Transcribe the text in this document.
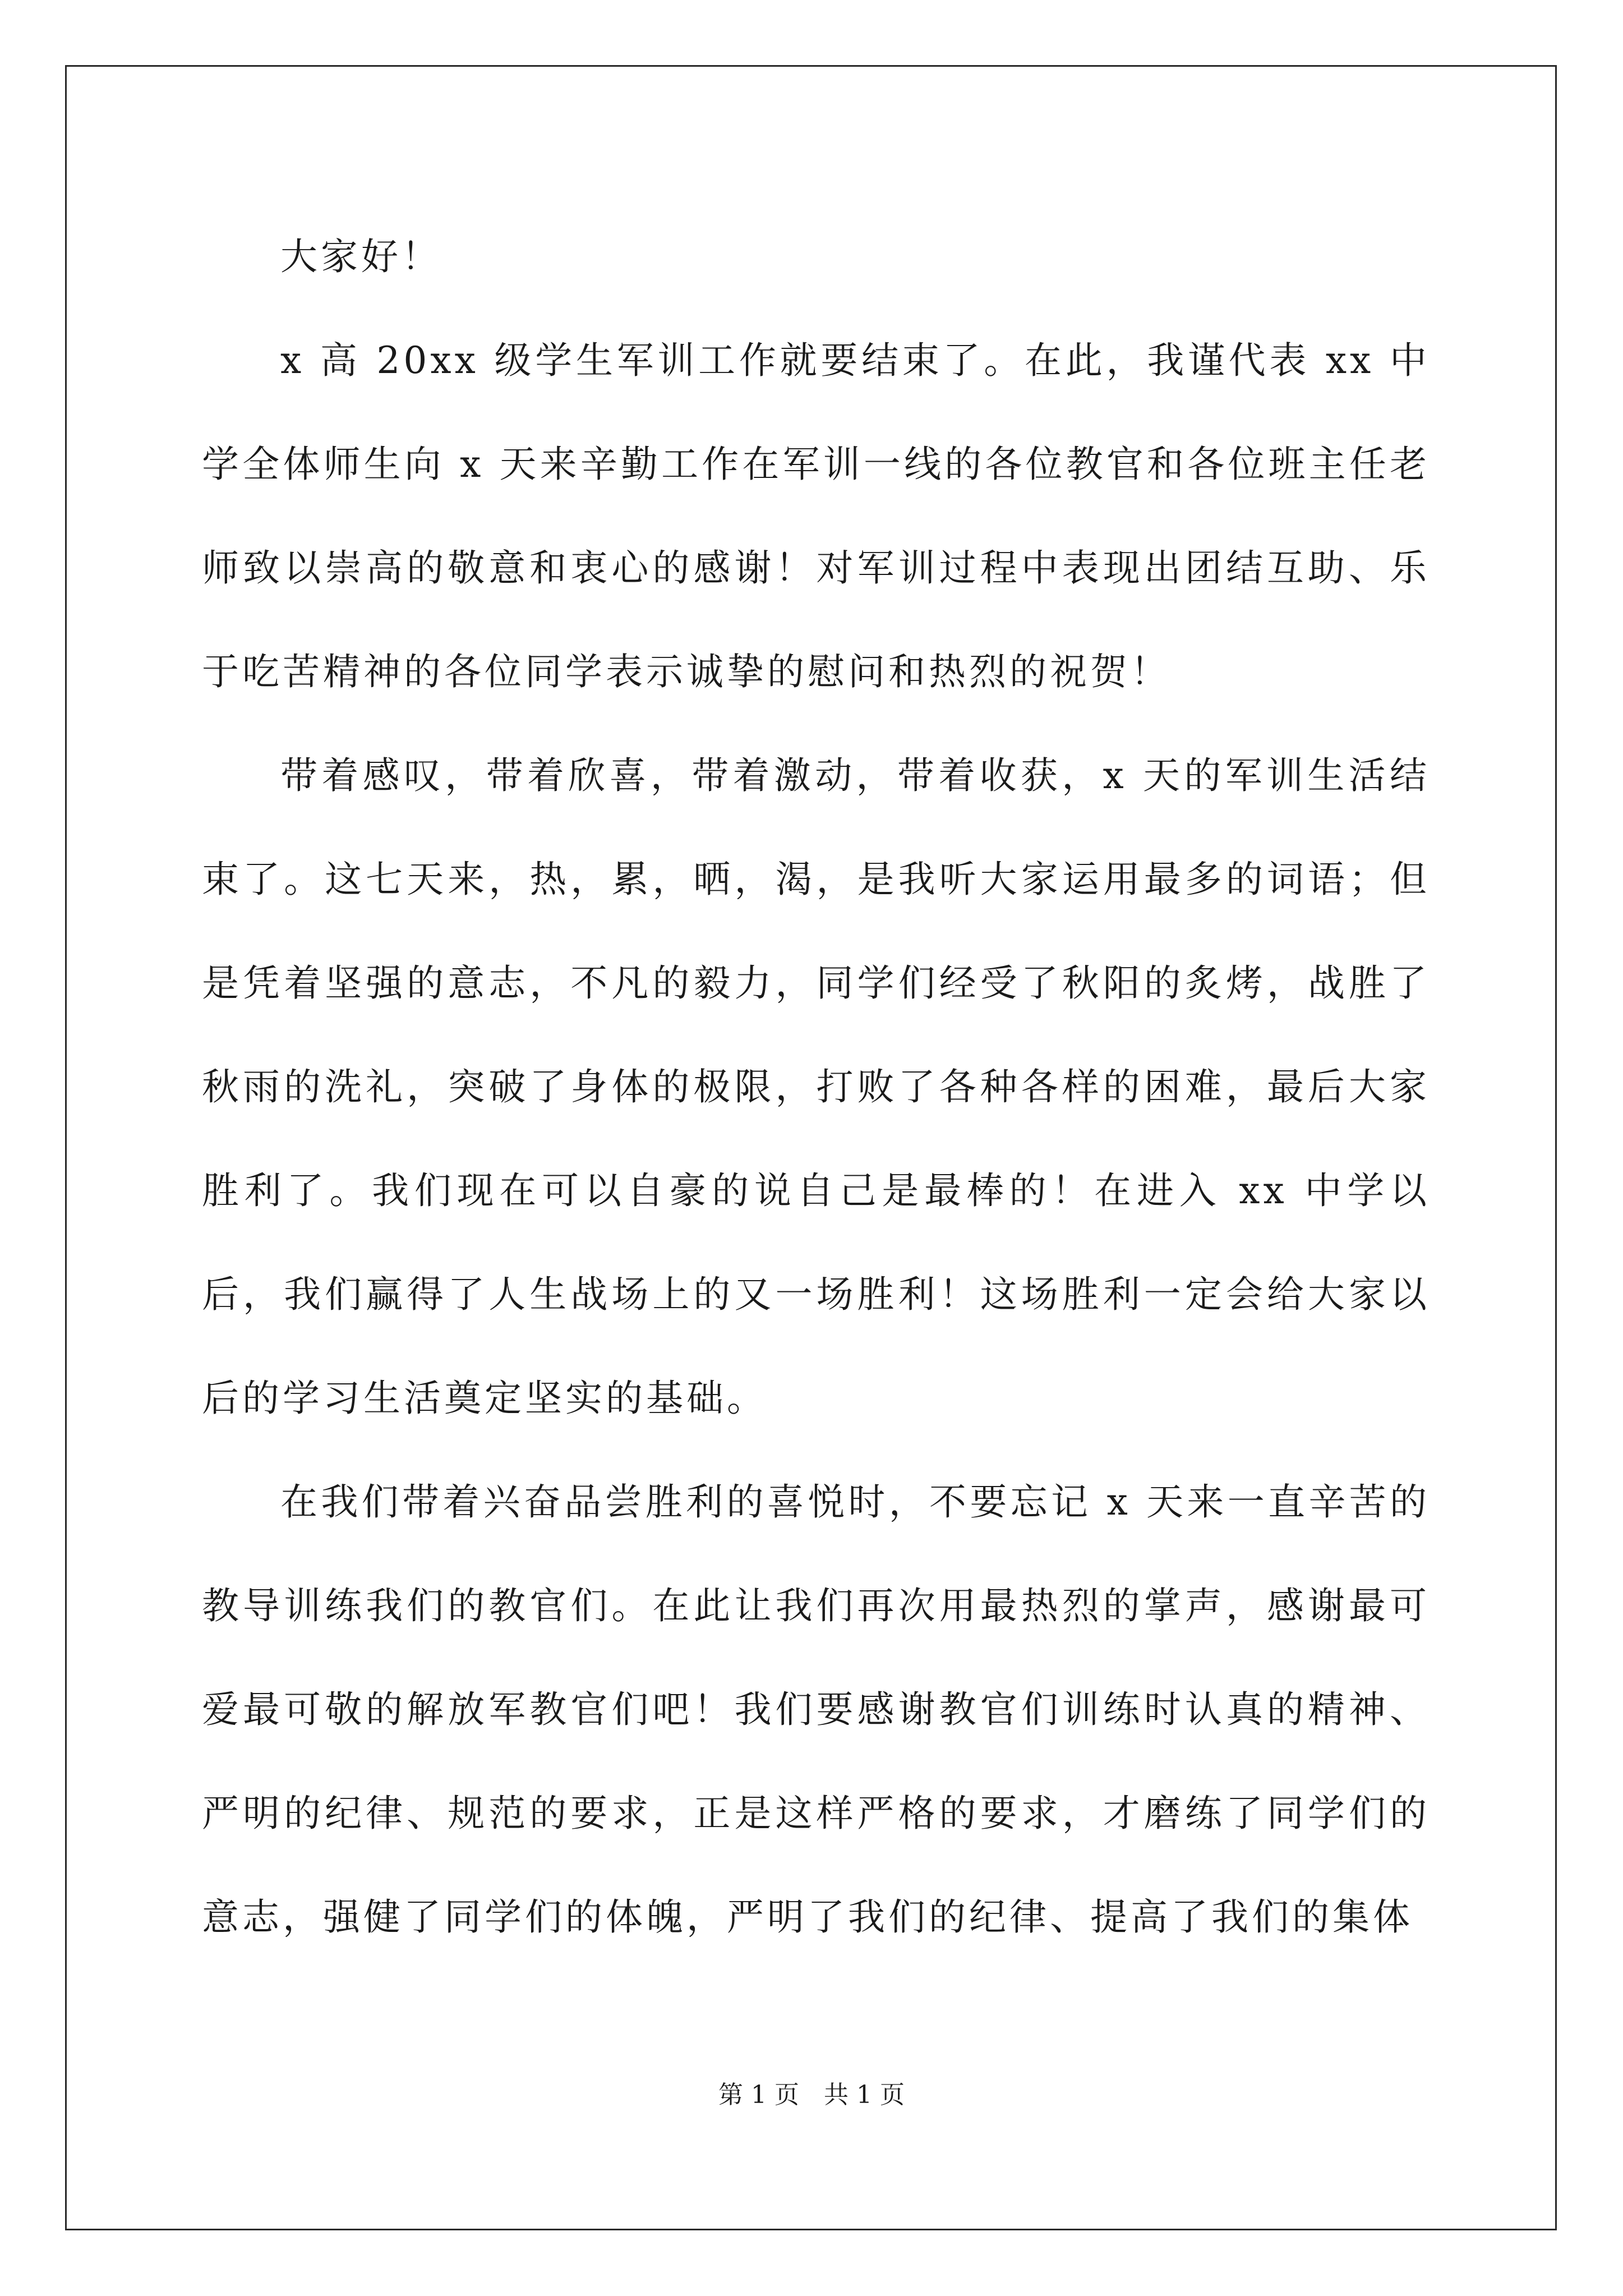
大家好！

x 高 20xx 级学生军训工作就要结束了。在此，我谨代表 xx 中学全体师生向 x 天来辛勤工作在军训一线的各位教官和各位班主任老师致以崇高的敬意和衷心的感谢！对军训过程中表现出团结互助、乐于吃苦精神的各位同学表示诚挚的慰问和热烈的祝贺！

带着感叹，带着欣喜，带着激动，带着收获，x 天的军训生活结束了。这七天来，热，累，晒，渴，是我听大家运用最多的词语；但是凭着坚强的意志，不凡的毅力，同学们经受了秋阳的炙烤，战胜了秋雨的洗礼，突破了身体的极限，打败了各种各样的困难，最后大家胜利了。我们现在可以自豪的说自己是最棒的！在进入 xx 中学以后，我们赢得了人生战场上的又一场胜利！这场胜利一定会给大家以后的学习生活奠定坚实的基础。

在我们带着兴奋品尝胜利的喜悦时，不要忘记 x 天来一直辛苦的教导训练我们的教官们。在此让我们再次用最热烈的掌声，感谢最可爱最可敬的解放军教官们吧！我们要感谢教官们训练时认真的精神、严明的纪律、规范的要求，正是这样严格的要求，才磨练了同学们的意志，强健了同学们的体魄，严明了我们的纪律、提高了我们的集体

第 1 页　共 1 页
